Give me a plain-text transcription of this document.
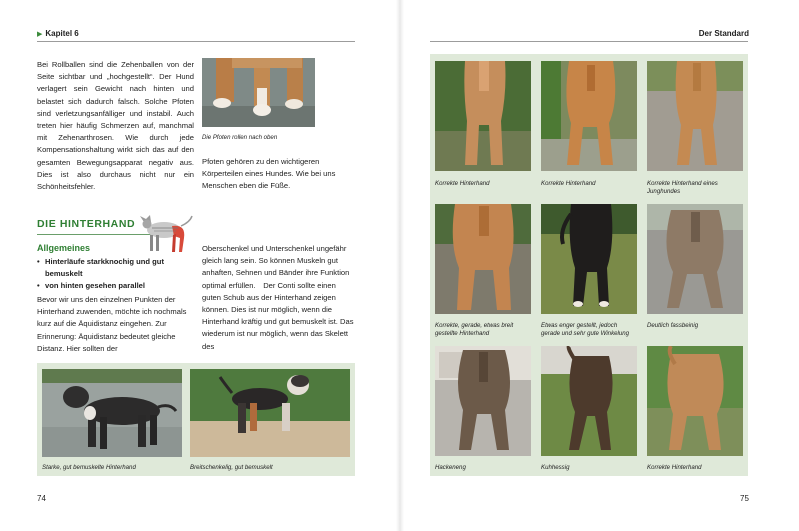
▶ Kapitel 6	Der Standard

Bei Rollballen sind die Zehenballen von der Seite sichtbar und „hochgestellt“. Der Hund verlagert sein Gewicht nach hinten und belastet sich dadurch falsch. Solche Pfoten sind verletzungsanfälliger und instabil. Auch treten hier häufig Schmerzen auf, manchmal mit Zehenarthrosen. Wie durch jede Kompensationshaltung wirkt sich das auf den gesamten Bewegungsapparat negativ aus. Dies ist also durchaus nicht nur ein Schönheitsfehler.

Die Pfoten rollen nach oben

Pfoten gehören zu den wichtigeren Körperteilen eines Hundes. Wie bei uns Menschen eben die Füße.

DIE HINTERHAND
Allgemeines
• Hinterläufe starkknochig und gut bemuskelt
• von hinten gesehen parallel

Bevor wir uns den einzelnen Punkten der Hinterhand zuwenden, möchte ich nochmals kurz auf die Äquidistanz eingehen. Zur Erinnerung: Äquidistanz bedeutet gleiche Distanz. Hier sollten der

Oberschenkel und Unterschenkel ungefähr gleich lang sein. So können Muskeln gut anhaften, Sehnen und Bänder ihre Funktion optimal erfüllen. Der Conti sollte einen guten Schub aus der Hinterhand zeigen können. Dies ist nur möglich, wenn die Hinterhand kräftig und gut bemuskelt ist. Das wiederum ist nur möglich, wenn das Skelett des

Starke, gut bemuskelte Hinterhand	Breitschenkelig, gut bemuskelt
74
Korrekte Hinterhand	Korrekte Hinterhand	Korrekte Hinterhand eines Junghundes
Korrekte, gerade, etwas breit gestellte Hinterhand
Etwas enger gestellt, jedoch gerade und sehr gute Winkelung
Deutlich fassbeinig
Hackeneng	Kuhhessig	Korrekte Hinterhand
75
